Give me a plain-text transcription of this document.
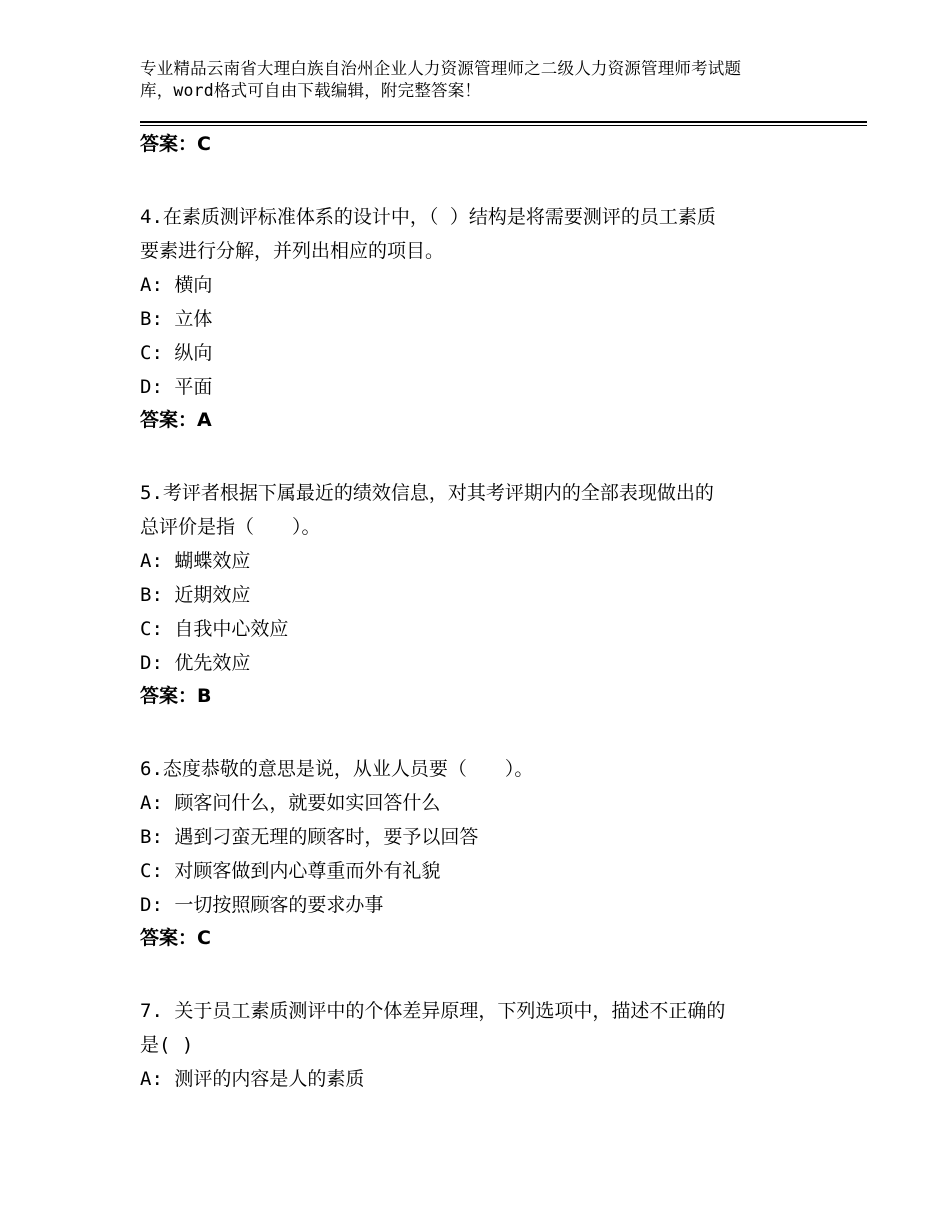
专业精品云南省大理白族自治州企业人力资源管理师之二级人力资源管理师考试题
库，word格式可自由下载编辑，附完整答案！
答案：C
4.在素质测评标准体系的设计中，（ ）结构是将需要测评的员工素质
要素进行分解，并列出相应的项目。
A: 横向
B: 立体
C: 纵向
D: 平面
答案：A
5.考评者根据下属最近的绩效信息，对其考评期内的全部表现做出的
总评价是指（　　）。
A: 蝴蝶效应
B: 近期效应
C: 自我中心效应
D: 优先效应
答案：B
6.态度恭敬的意思是说，从业人员要（　　）。
A: 顾客问什么，就要如实回答什么
B: 遇到刁蛮无理的顾客时，要予以回答
C: 对顾客做到内心尊重而外有礼貌
D: 一切按照顾客的要求办事
答案：C
7. 关于员工素质测评中的个体差异原理，下列选项中，描述不正确的
是( )
A: 测评的内容是人的素质
